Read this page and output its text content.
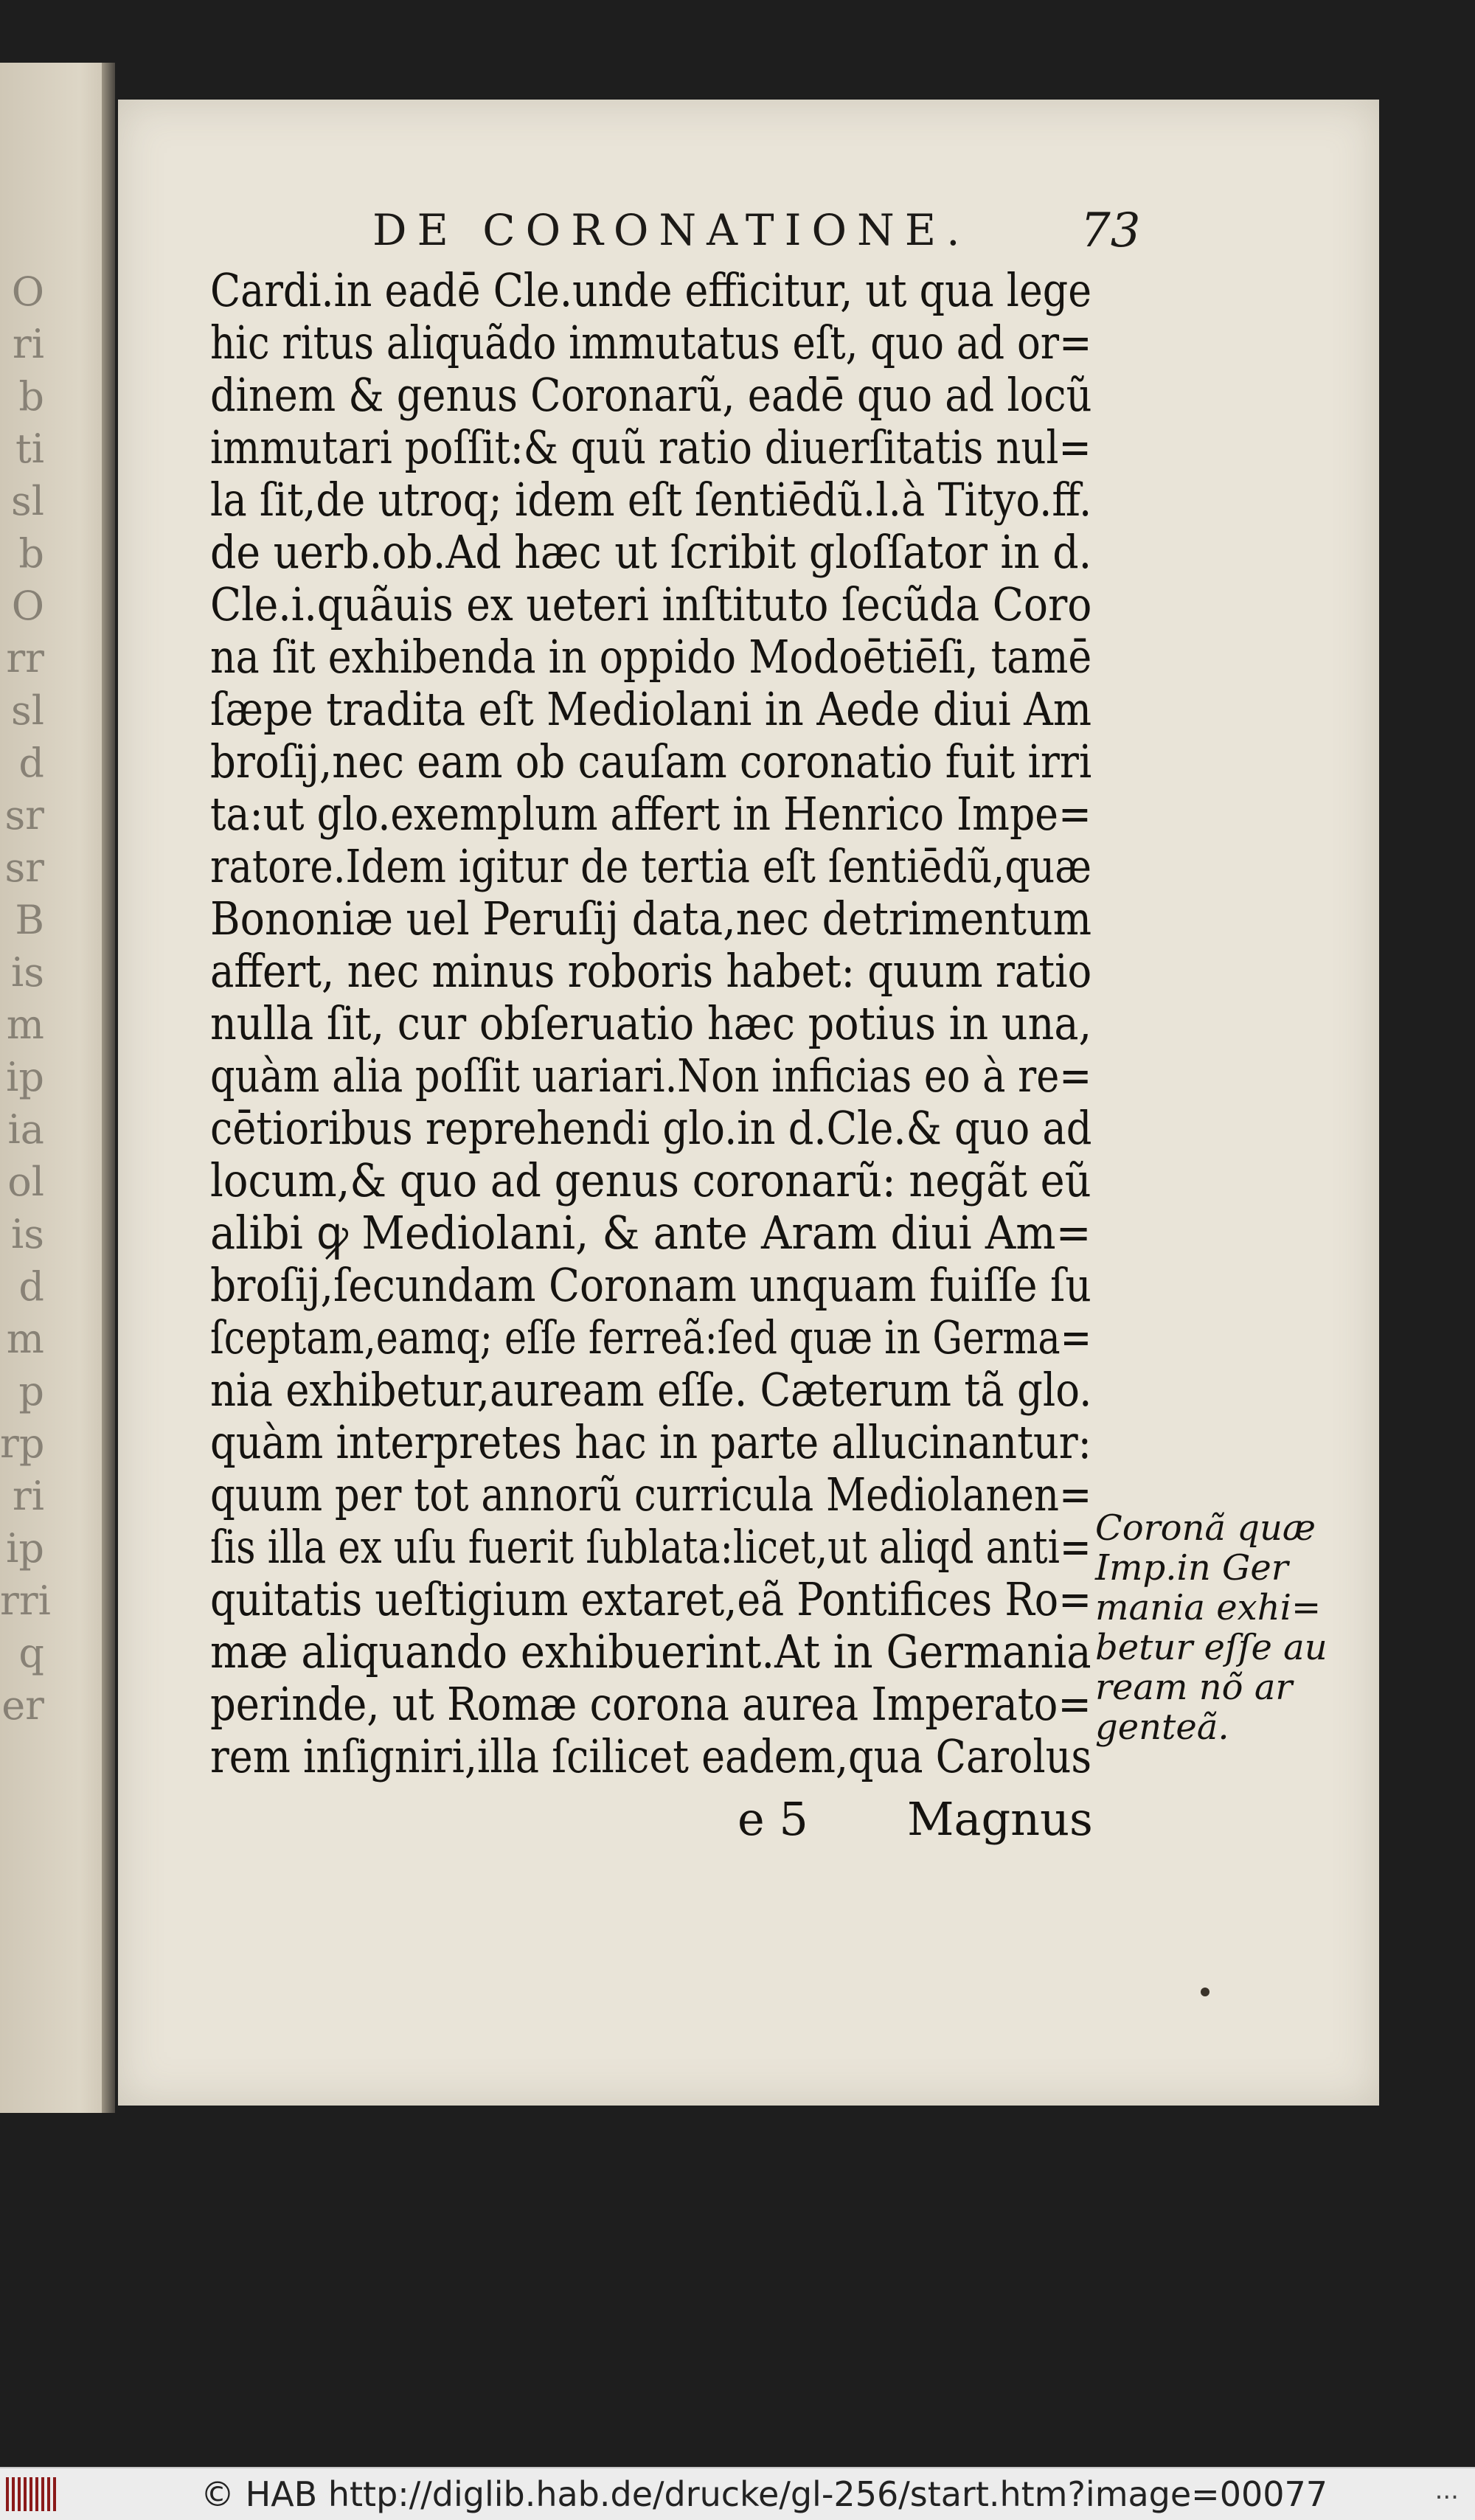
O
ri
b
ti
sl
b
O
rr
sl
d
sr
sr
B
is
m
ip
ia
ol
is
d
m
p
rp
ri
ip
rri
q
er
DE CORONATIONE. 73
Cardi.in eadē Cle.unde efficitur, ut qua lege
hic ritus aliquãdo immutatus eſt, quo ad or=
dinem & genus Coronarũ, eadē quo ad locũ
immutari poſſit:& quũ ratio diuerſitatis nul=
la ſit,de utroq; idem eſt ſentiēdũ.l.à Tityo.ff.
de uerb.ob.Ad hæc ut ſcribit gloſſator in d.
Cle.i.quãuis ex ueteri inſtituto ſecũda Coro
na ſit exhibenda in oppido Modoētiēſi, tamē
ſæpe tradita eſt Mediolani in Aede diui Am
broſij,nec eam ob cauſam coronatio fuit irri
ta:ut glo.exemplum affert in Henrico Impe=
ratore.Idem igitur de tertia eſt ſentiēdũ,quæ
Bononiæ uel Peruſij data,nec detrimentum
affert, nec minus roboris habet: quum ratio
nulla ſit, cur obſeruatio hæc potius in una,
quàm alia poſſit uariari.Non inficias eo à re=
cētioribus reprehendi glo.in d.Cle.& quo ad
locum,& quo ad genus coronarũ: negãt eũ
alibi ꝙ Mediolani, & ante Aram diui Am=
broſij,ſecundam Coronam unquam fuiſſe ſu
ſceptam,eamq; eſſe ferreã:ſed quæ in Germa=
nia exhibetur,auream eſſe. Cæterum tã glo.
quàm interpretes hac in parte allucinantur:
quum per tot annorũ curricula Mediolanen=
ſis illa ex uſu fuerit ſublata:licet,ut aliqd anti=
quitatis ueſtigium extaret,eã Pontifices Ro=
mæ aliquando exhibuerint.At in Germania
perinde, ut Romæ corona aurea Imperato=
rem inſigniri,illa ſcilicet eadem,qua Carolus
e 5 Magnus
Coronã quæ
Imp.in Ger
mania exhi=
betur eſſe au
ream nõ ar
genteã.
© HAB http://diglib.hab.de/drucke/gl-256/start.htm?image=00077	...
